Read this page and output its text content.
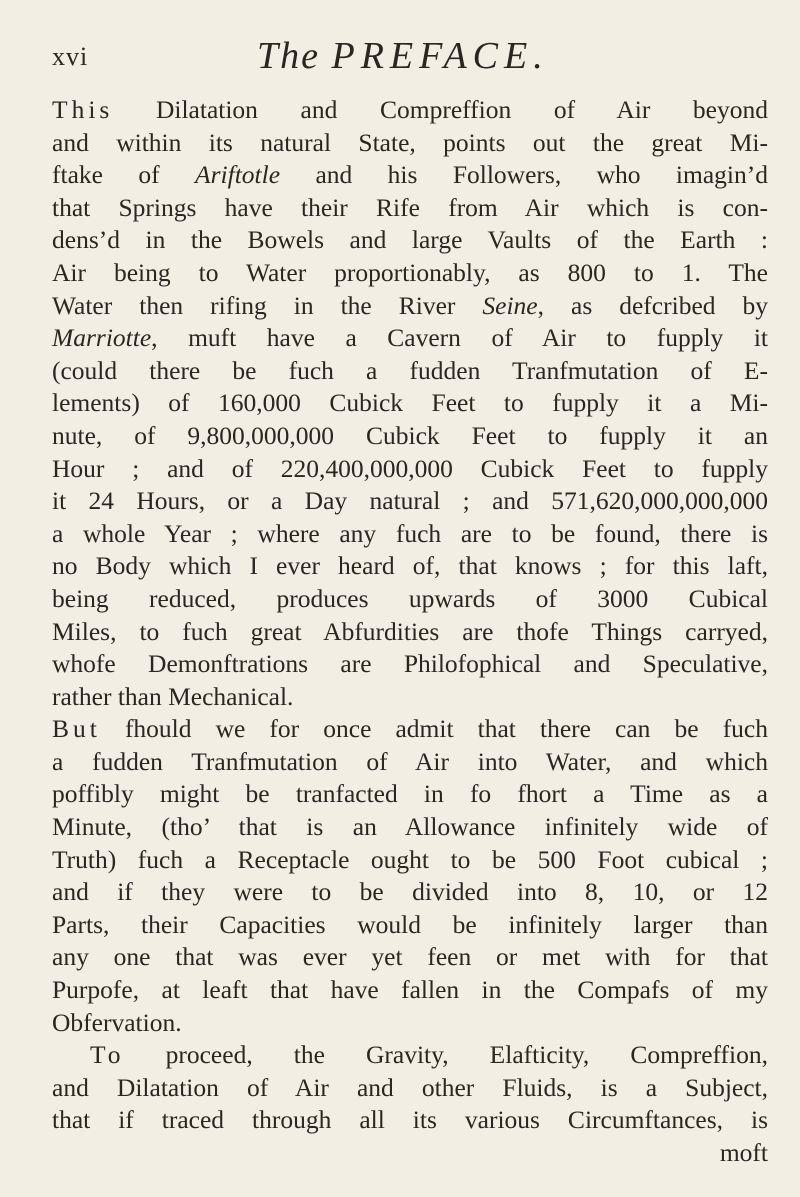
xvi	The PREFACE.
This Dilatation and Compreffion of Air beyond
and within its natural State, points out the great Mi-
ftake of Ariftotle and his Followers, who imagin’d
that Springs have their Rife from Air which is con-
dens’d in the Bowels and large Vaults of the Earth :
Air being to Water proportionably, as 800 to 1. The
Water then rifing in the River Seine, as defcribed by
Marriotte, muft have a Cavern of Air to fupply it
(could there be fuch a fudden Tranfmutation of E-
lements) of 160,000 Cubick Feet to fupply it a Mi-
nute, of 9,800,000,000 Cubick Feet to fupply it an
Hour ; and of 220,400,000,000 Cubick Feet to fupply
it 24 Hours, or a Day natural ; and 571,620,000,000,000
a whole Year ; where any fuch are to be found, there is
no Body which I ever heard of, that knows ; for this laft,
being reduced, produces upwards of 3000 Cubical
Miles, to fuch great Abfurdities are thofe Things carryed,
whofe Demonftrations are Philofophical and Speculative,
rather than Mechanical.
But fhould we for once admit that there can be fuch
a fudden Tranfmutation of Air into Water, and which
poffibly might be tranfacted in fo fhort a Time as a
Minute, (tho’ that is an Allowance infinitely wide of
Truth) fuch a Receptacle ought to be 500 Foot cubical ;
and if they were to be divided into 8, 10, or 12
Parts, their Capacities would be infinitely larger than
any one that was ever yet feen or met with for that
Purpofe, at leaft that have fallen in the Compafs of my
Obfervation.
To proceed, the Gravity, Elafticity, Compreffion,
and Dilatation of Air and other Fluids, is a Subject,
that if traced through all its various Circumftances, is
moft
